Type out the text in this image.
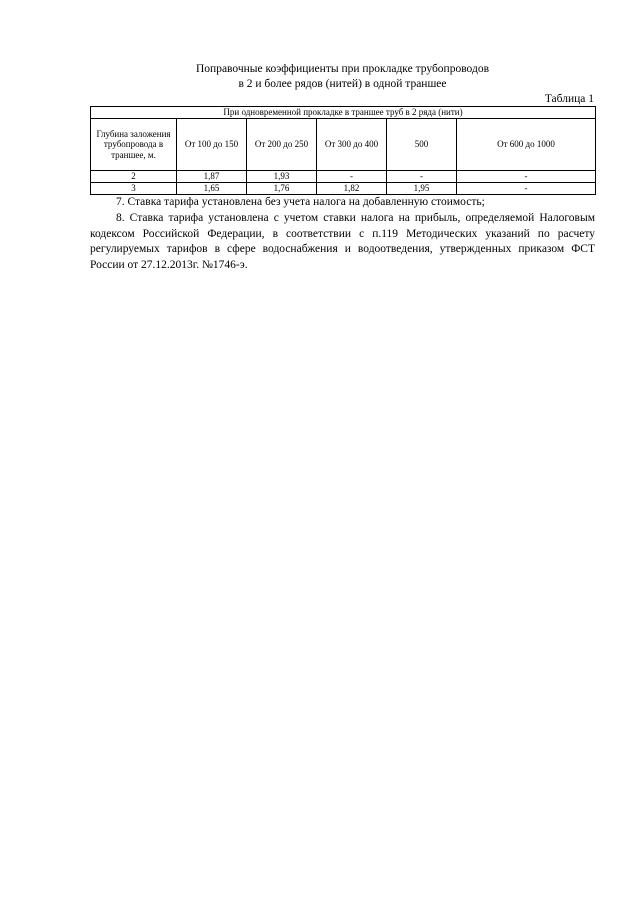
Поправочные коэффициенты при прокладке трубопроводов
в 2 и более рядов (нитей) в одной траншее
Таблица 1
При одновременной прокладке в траншее труб в 2 ряда (нити)					
Глубина заложения трубопровода в траншее, м.	От 100 до 150	От 200 до 250	От 300 до 400	500	От 600 до 1000
2	1,87	1,93	-	-	-
3	1,65	1,76	1,82	1,95	-

7. Ставка тарифа установлена без учета налога на добавленную стоимость;

8. Ставка тарифа установлена с учетом ставки налога на прибыль, определяемой Налоговым кодексом Российской Федерации, в соответствии с п.119 Методических указаний по расчету регулируемых тарифов в сфере водоснабжения и водоотведения, утвержденных приказом ФСТ России от 27.12.2013г. №1746-э.
